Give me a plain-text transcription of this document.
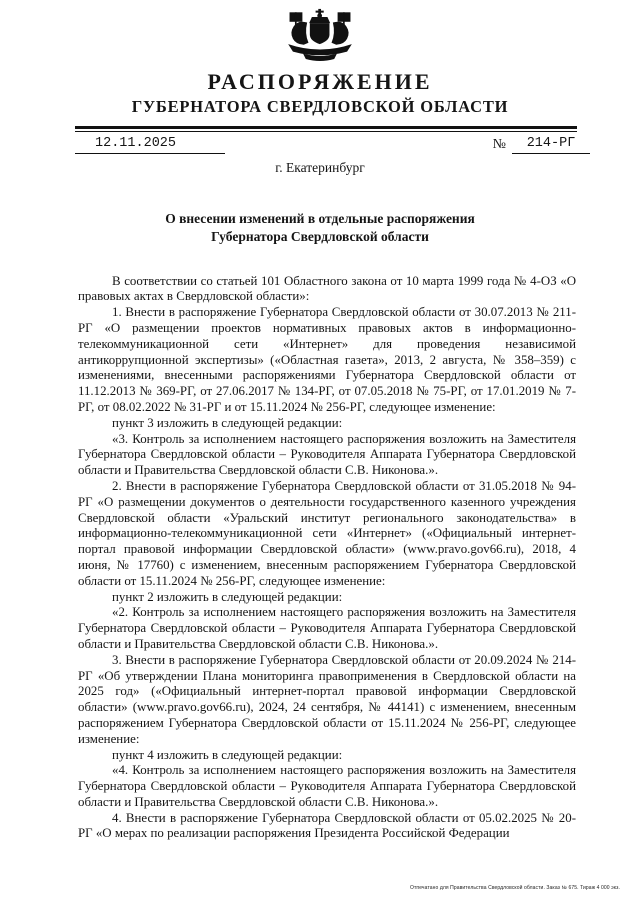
РАСПОРЯЖЕНИЕ
ГУБЕРНАТОРА СВЕРДЛОВСКОЙ ОБЛАСТИ
12.11.2025	№	214-РГ
г. Екатеринбург
О внесении изменений в отдельные распоряжения
Губернатора Свердловской области

В соответствии со статьей 101 Областного закона от 10 марта 1999 года № 4-ОЗ «О правовых актах в Свердловской области»:

1. Внести в распоряжение Губернатора Свердловской области от 30.07.2013 № 211-РГ «О размещении проектов нормативных правовых актов в информационно-телекоммуникационной сети «Интернет» для проведения независимой антикоррупционной экспертизы» («Областная газета», 2013, 2 августа, № 358–359) с изменениями, внесенными распоряжениями Губернатора Свердловской области от 11.12.2013 № 369-РГ, от 27.06.2017 № 134-РГ, от 07.05.2018 № 75-РГ, от 17.01.2019 № 7-РГ, от 08.02.2022 № 31-РГ и от 15.11.2024 № 256-РГ, следующее изменение:

пункт 3 изложить в следующей редакции:

«3. Контроль за исполнением настоящего распоряжения возложить на Заместителя Губернатора Свердловской области – Руководителя Аппарата Губернатора Свердловской области и Правительства Свердловской области С.В. Никонова.».

2. Внести в распоряжение Губернатора Свердловской области от 31.05.2018 № 94-РГ «О размещении документов о деятельности государственного казенного учреждения Свердловской области «Уральский институт регионального законодательства» в информационно-телекоммуникационной сети «Интернет» («Официальный интернет-портал правовой информации Свердловской области» (www.pravo.gov66.ru), 2018, 4 июня, № 17760) с изменением, внесенным распоряжением Губернатора Свердловской области от 15.11.2024 № 256-РГ, следующее изменение:

пункт 2 изложить в следующей редакции:

«2. Контроль за исполнением настоящего распоряжения возложить на Заместителя Губернатора Свердловской области – Руководителя Аппарата Губернатора Свердловской области и Правительства Свердловской области С.В. Никонова.».

3. Внести в распоряжение Губернатора Свердловской области от 20.09.2024 № 214-РГ «Об утверждении Плана мониторинга правоприменения в Свердловской области на 2025 год» («Официальный интернет-портал правовой информации Свердловской области» (www.pravo.gov66.ru), 2024, 24 сентября, № 44141) с изменением, внесенным распоряжением Губернатора Свердловской области от 15.11.2024 № 256-РГ, следующее изменение:

пункт 4 изложить в следующей редакции:

«4. Контроль за исполнением настоящего распоряжения возложить на Заместителя Губернатора Свердловской области – Руководителя Аппарата Губернатора Свердловской области и Правительства Свердловской области С.В. Никонова.».

4. Внести в распоряжение Губернатора Свердловской области от 05.02.2025 № 20-РГ «О мерах по реализации распоряжения Президента Российской Федерации

Отпечатано для Правительства Свердловской области. Заказ № 675. Тираж 4 000 экз.
